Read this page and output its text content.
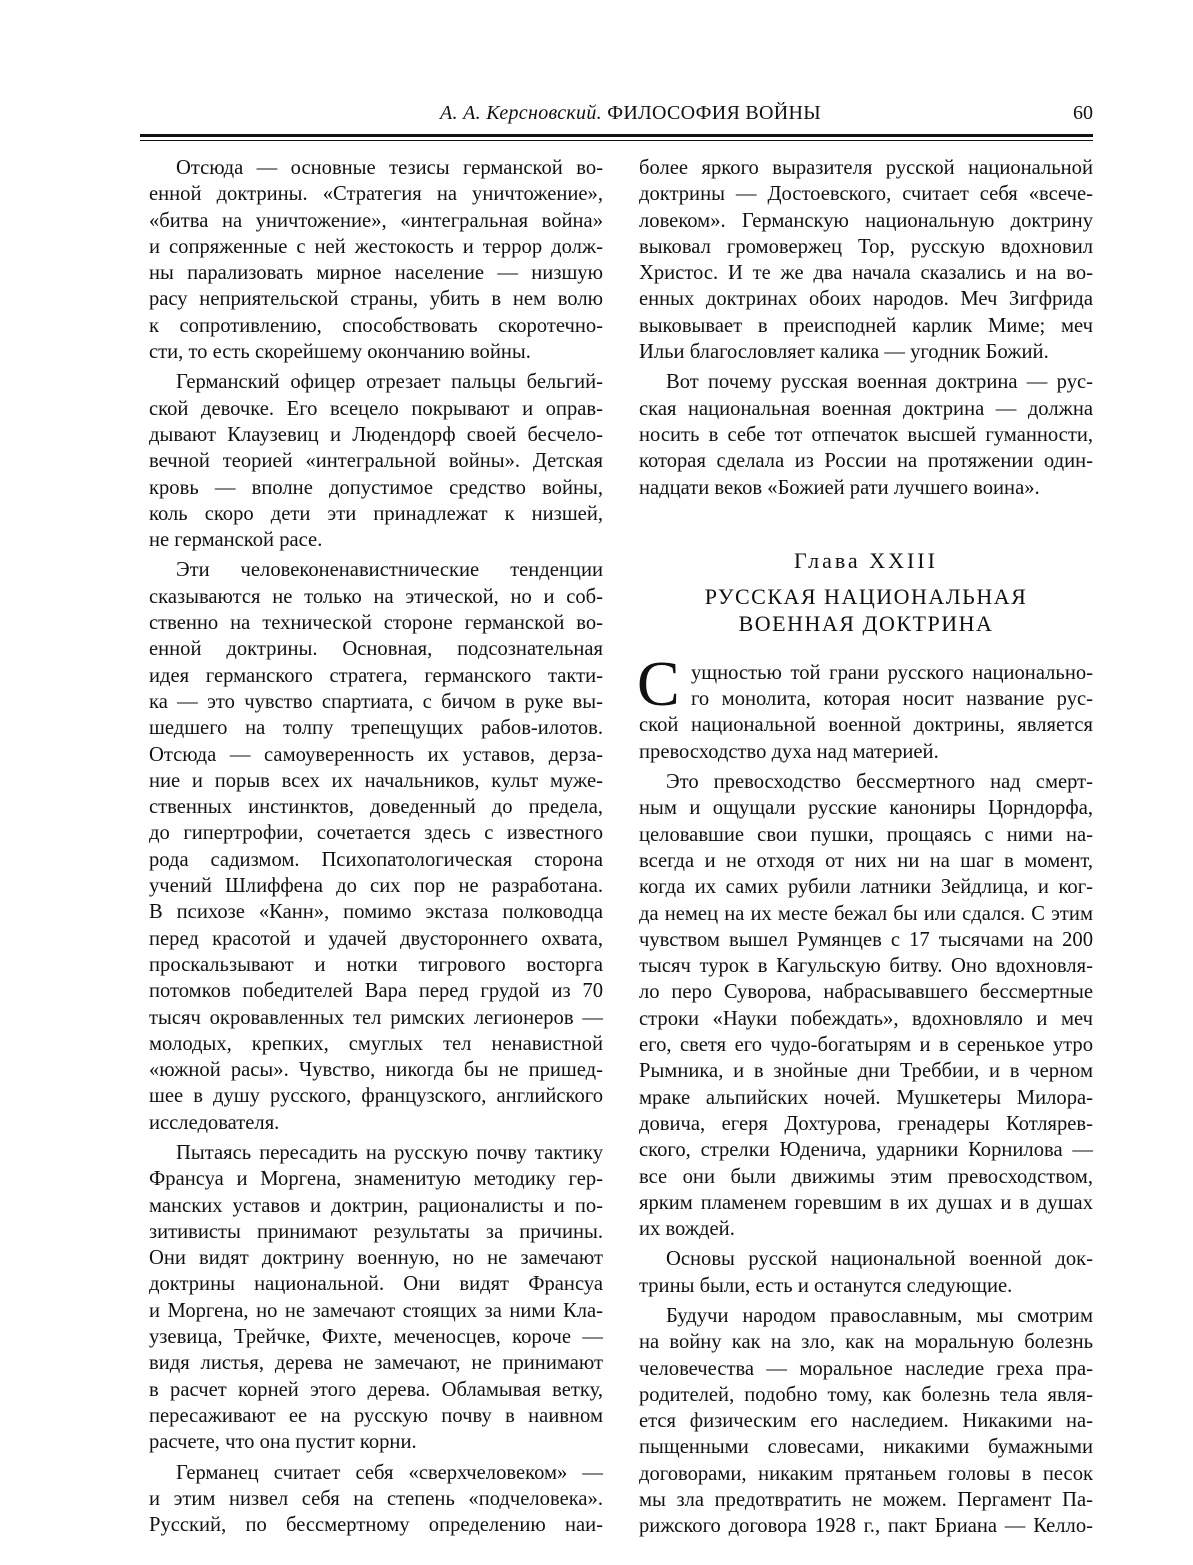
А. А. Керсновский. ФИЛОСОФИЯ ВОЙНЫ	60
Отсюда — основные тезисы германской во-
енной доктрины. «Стратегия на уничтожение»,
«битва на уничтожение», «интегральная война»
и сопряженные с ней жестокость и террор долж-
ны парализовать мирное население — низшую
расу неприятельской страны, убить в нем волю
к сопротивлению, способствовать скоротечно-
сти, то есть скорейшему окончанию войны.
Германский офицер отрезает пальцы бельгий-
ской девочке. Его всецело покрывают и оправ-
дывают Клаузевиц и Людендорф своей бесчело-
вечной теорией «интегральной войны». Детская
кровь — вполне допустимое средство войны,
коль скоро дети эти принадлежат к низшей,
не германской расе.
Эти человеконенавистнические тенденции
сказываются не только на этической, но и соб-
ственно на технической стороне германской во-
енной доктрины. Основная, подсознательная
идея германского стратега, германского такти-
ка — это чувство спартиата, с бичом в руке вы-
шедшего на толпу трепещущих рабов-илотов.
Отсюда — самоуверенность их уставов, дерза-
ние и порыв всех их начальников, культ муже-
ственных инстинктов, доведенный до предела,
до гипертрофии, сочетается здесь с известного
рода садизмом. Психопатологическая сторона
учений Шлиффена до сих пор не разработана.
В психозе «Канн», помимо экстаза полководца
перед красотой и удачей двустороннего охвата,
проскальзывают и нотки тигрового восторга
потомков победителей Вара перед грудой из 70
тысяч окровавленных тел римских легионеров —
молодых, крепких, смуглых тел ненавистной
«южной расы». Чувство, никогда бы не пришед-
шее в душу русского, французского, английского
исследователя.
Пытаясь пересадить на русскую почву тактику
Франсуа и Моргена, знаменитую методику гер-
манских уставов и доктрин, рационалисты и по-
зитивисты принимают результаты за причины.
Они видят доктрину военную, но не замечают
доктрины национальной. Они видят Франсуа
и Моргена, но не замечают стоящих за ними Кла-
узевица, Трейчке, Фихте, меченосцев, короче —
видя листья, дерева не замечают, не принимают
в расчет корней этого дерева. Обламывая ветку,
пересаживают ее на русскую почву в наивном
расчете, что она пустит корни.
Германец считает себя «сверхчеловеком» —
и этим низвел себя на степень «подчеловека».
Русский, по бессмертному определению наи-
более яркого выразителя русской национальной
доктрины — Достоевского, считает себя «всече-
ловеком». Германскую национальную доктрину
выковал громовержец Тор, русскую вдохновил
Христос. И те же два начала сказались и на во-
енных доктринах обоих народов. Меч Зигфрида
выковывает в преисподней карлик Миме; меч
Ильи благословляет калика — угодник Божий.
Вот почему русская военная доктрина — рус-
ская национальная военная доктрина — должна
носить в себе тот отпечаток высшей гуманности,
которая сделала из России на протяжении один-
надцати веков «Божией рати лучшего воина».
Глава XXIII
РУССКАЯ НАЦИОНАЛЬНАЯ
ВОЕННАЯ ДОКТРИНА
С ущностью той грани русского национально-
го монолита, которая носит название рус-
ской национальной военной доктрины, является
превосходство духа над материей.
Это превосходство бессмертного над смерт-
ным и ощущали русские канониры Цорндорфа,
целовавшие свои пушки, прощаясь с ними на-
всегда и не отходя от них ни на шаг в момент,
когда их самих рубили латники Зейдлица, и ког-
да немец на их месте бежал бы или сдался. С этим
чувством вышел Румянцев с 17 тысячами на 200
тысяч турок в Кагульскую битву. Оно вдохновля-
ло перо Суворова, набрасывавшего бессмертные
строки «Науки побеждать», вдохновляло и меч
его, светя его чудо-богатырям и в серенькое утро
Рымника, и в знойные дни Треббии, и в черном
мраке альпийских ночей. Мушкетеры Милора-
довича, егеря Дохтурова, гренадеры Котлярев-
ского, стрелки Юденича, ударники Корнилова —
все они были движимы этим превосходством,
ярким пламенем горевшим в их душах и в душах
их вождей.
Основы русской национальной военной док-
трины были, есть и останутся следующие.
Будучи народом православным, мы смотрим
на войну как на зло, как на моральную болезнь
человечества — моральное наследие греха пра-
родителей, подобно тому, как болезнь тела явля-
ется физическим его наследием. Никакими на-
пыщенными словесами, никакими бумажными
договорами, никаким прятаньем головы в песок
мы зла предотвратить не можем. Пергамент Па-
рижского договора 1928 г., пакт Бриана — Келло-
